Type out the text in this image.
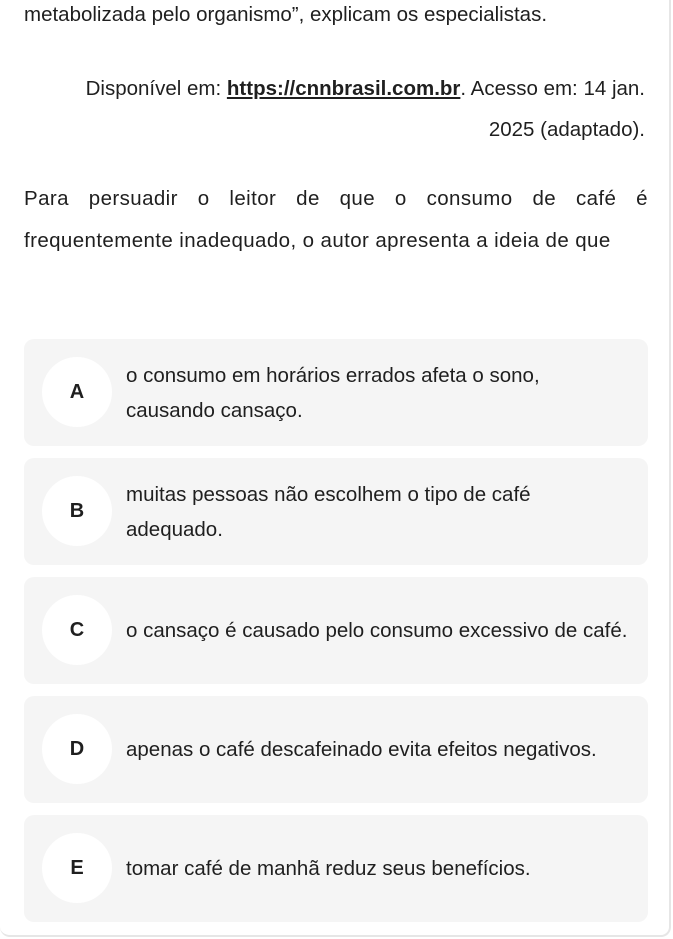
metabolizada pelo organismo”, explicam os especialistas.

Disponível em: https://cnnbrasil.com.br. Acesso em: 14 jan. 2025 (adaptado).

Para persuadir o leitor de que o consumo de café é frequentemente inadequado, o autor apresenta a ideia de que

A
o consumo em horários errados afeta o sono, causando cansaço.
B
muitas pessoas não escolhem o tipo de café adequado.
C	o cansaço é causado pelo consumo excessivo de café.
D	apenas o café descafeinado evita efeitos negativos.
E	tomar café de manhã reduz seus benefícios.
